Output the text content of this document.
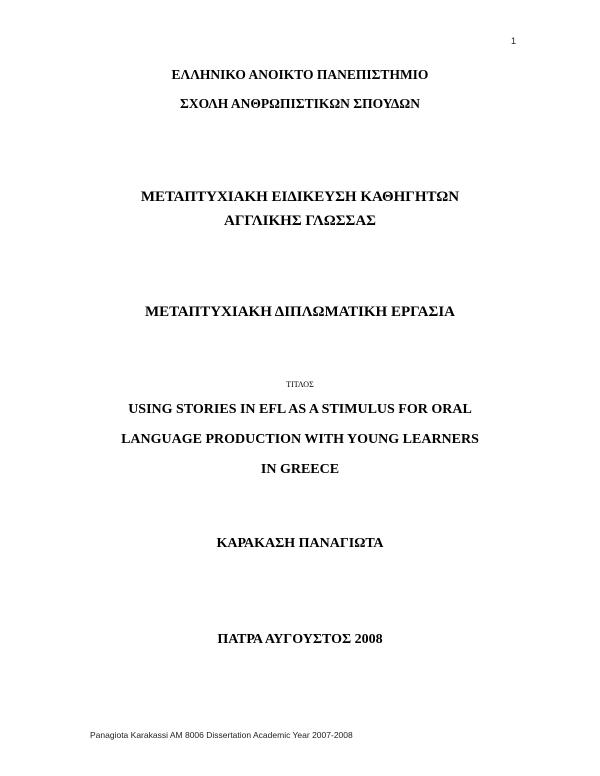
1
ΕΛΛΗΝΙΚΟ ΑΝΟΙΚΤΟ ΠΑΝΕΠΙΣΤΗΜΙΟ
ΣΧΟΛΗ ΑΝΘΡΩΠΙΣΤΙΚΩΝ ΣΠΟΥΔΩΝ
ΜΕΤΑΠΤΥΧΙΑΚΗ ΕΙΔΙΚΕΥΣΗ ΚΑΘΗΓΗΤΩΝ
ΑΓΓΛΙΚΗΣ ΓΛΩΣΣΑΣ
ΜΕΤΑΠΤΥΧΙΑΚΗ ΔΙΠΛΩΜΑΤΙΚΗ ΕΡΓΑΣΙΑ
ΤΙΤΛΟΣ
USING STORIES IN EFL AS A STIMULUS FOR ORAL
LANGUAGE PRODUCTION WITH YOUNG LEARNERS
IN GREECE
ΚΑΡΑΚΑΣΗ ΠΑΝΑΓΙΩΤΑ
ΠΑΤΡΑ ΑΥΓΟΥΣΤΟΣ 2008
Panagiota Karakassi AM 8006 Dissertation Academic Year 2007-2008
